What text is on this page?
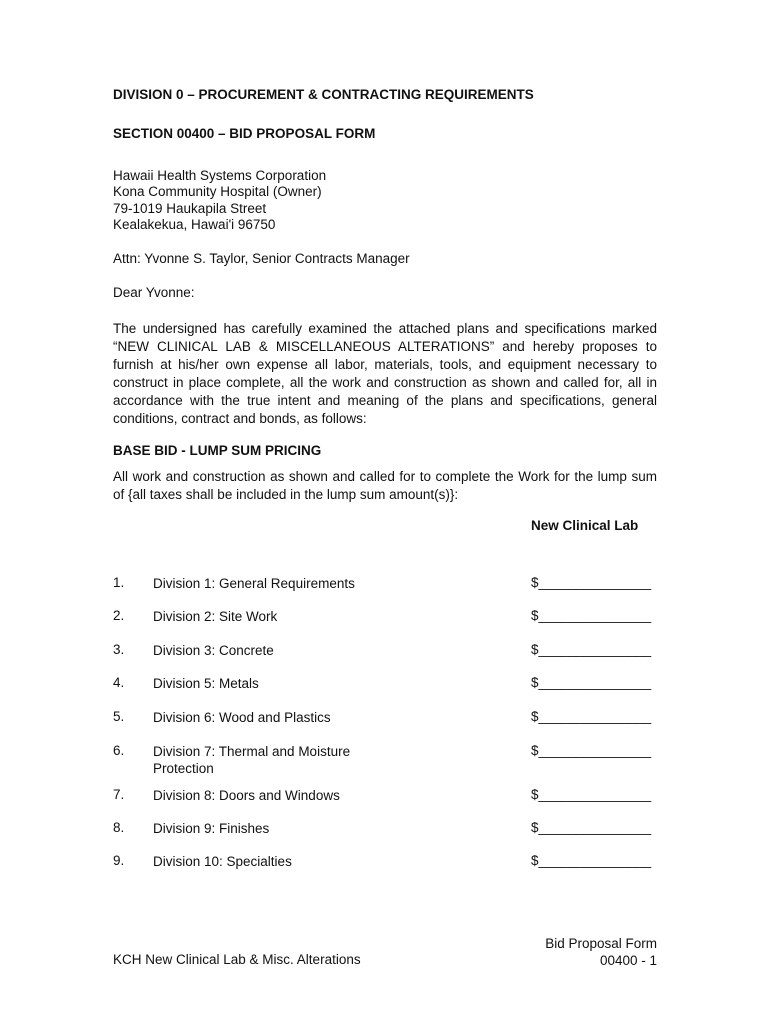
DIVISION 0 – PROCUREMENT & CONTRACTING REQUIREMENTS
SECTION 00400 – BID PROPOSAL FORM
Hawaii Health Systems Corporation
Kona Community Hospital (Owner)
79-1019 Haukapila Street
Kealakekua, Hawai'i 96750
Attn: Yvonne S. Taylor, Senior Contracts Manager
Dear Yvonne:
The undersigned has carefully examined the attached plans and specifications marked “NEW CLINICAL LAB & MISCELLANEOUS ALTERATIONS” and hereby proposes to furnish at his/her own expense all labor, materials, tools, and equipment necessary to construct in place complete, all the work and construction as shown and called for, all in accordance with the true intent and meaning of the plans and specifications, general conditions, contract and bonds, as follows:
BASE BID - LUMP SUM PRICING
All work and construction as shown and called for to complete the Work for the lump sum of {all taxes shall be included in the lump sum amount(s)}:
New Clinical Lab
1. Division 1: General Requirements	$_______________
2. Division 2: Site Work	$_______________
3. Division 3: Concrete	$_______________
4. Division 5: Metals	$_______________
5. Division 6: Wood and Plastics	$_______________
6. Division 7: Thermal and Moisture Protection
$_______________
7. Division 8: Doors and Windows	$_______________
8. Division 9: Finishes	$_______________
9. Division 10: Specialties	$_______________
KCH New Clinical Lab & Misc. Alterations
Bid Proposal Form
00400 - 1
